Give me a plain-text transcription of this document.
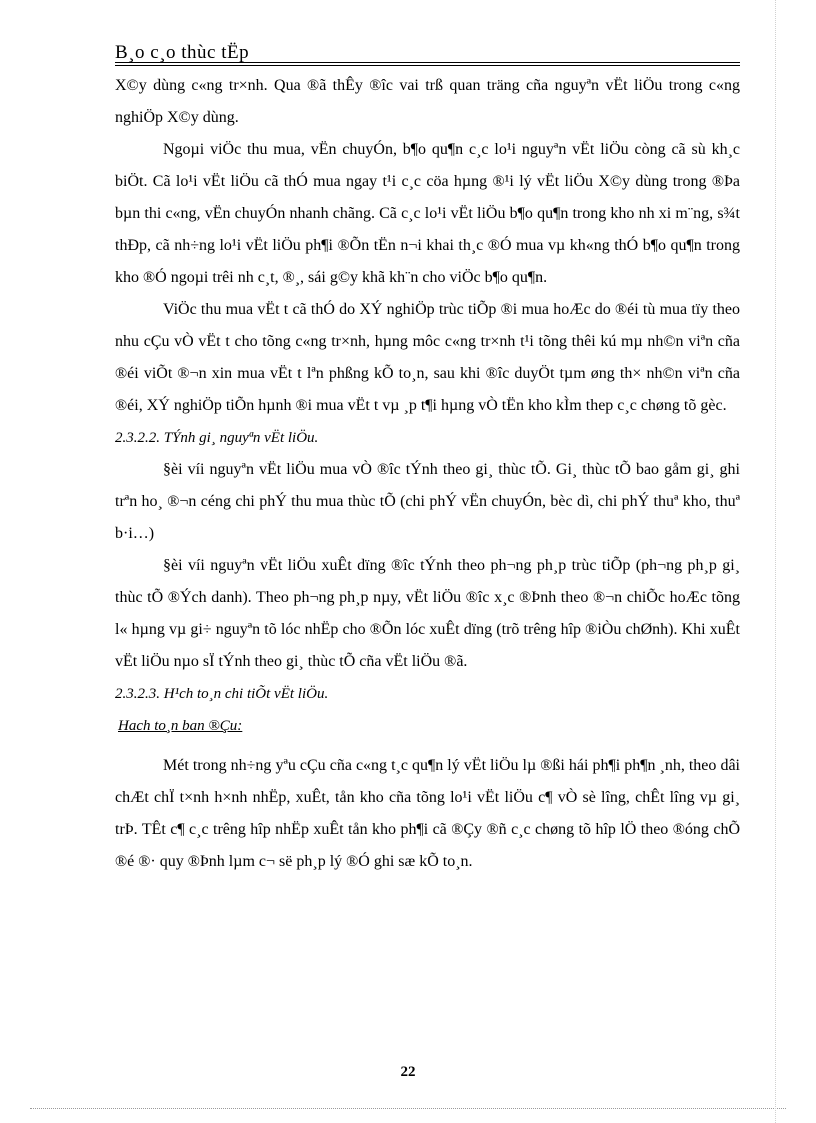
B¸o c¸o thùc tËp

X©y dùng c«ng tr×nh. Qua ®ã thÊy ®îc vai trß quan träng cña nguyªn vËt liÖu trong c«ng nghiÖp X©y dùng.

Ngoµi viÖc thu mua, vËn chuyÓn, b¶o qu¶n c¸c lo¹i nguyªn vËt liÖu còng cã sù kh¸c biÖt. Cã lo¹i vËt liÖu cã thÓ mua ngay t¹i c¸c cöa hµng ®¹i lý vËt liÖu X©y dùng trong ®Þa bµn thi c«ng, vËn chuyÓn nhanh chãng. Cã c¸c lo¹i vËt liÖu b¶o qu¶n trong kho nh xi m¨ng, s¾t thÐp, cã nh÷ng lo¹i vËt liÖu ph¶i ®Õn tËn n¬i khai th¸c ®Ó mua vµ kh«ng thÓ b¶o qu¶n trong kho ®Ó ngoµi trêi nh c¸t, ®¸, sái g©y khã kh¨n cho viÖc b¶o qu¶n.

ViÖc thu mua vËt t cã thÓ do XÝ nghiÖp trùc tiÕp ®i mua hoÆc do ®éi tù mua tïy theo nhu cÇu vÒ vËt t cho tõng c«ng tr×nh, hµng môc c«ng tr×nh t¹i tõng thêi kú mµ nh©n viªn cña ®éi viÕt ®¬n xin mua vËt t lªn phßng kÕ to¸n, sau khi ®îc duyÖt tµm øng th× nh©n viªn cña ®éi, XÝ nghiÖp tiÕn hµnh ®i mua vËt t vµ ¸p t¶i hµng vÒ tËn kho kÌm thep c¸c chøng tõ gèc.

2.3.2.2. TÝnh gi¸ nguyªn vËt liÖu.

§èi víi nguyªn vËt liÖu mua vÒ ®îc tÝnh theo gi¸ thùc tÕ. Gi¸ thùc tÕ bao gåm gi¸ ghi trªn ho¸ ®¬n céng chi phÝ thu mua thùc tÕ (chi phÝ vËn chuyÓn, bèc dì, chi phÝ thuª kho, thuª b·i…)

§èi víi nguyªn vËt liÖu xuÊt dïng ®îc tÝnh theo ph¬ng ph¸p trùc tiÕp (ph¬ng ph¸p gi¸ thùc tÕ ®Ých danh). Theo ph¬ng ph¸p nµy, vËt liÖu ®îc x¸c ®Þnh theo ®¬n chiÕc hoÆc tõng l« hµng vµ gi÷ nguyªn tõ lóc nhËp cho ®Õn lóc xuÊt dïng (trõ trêng hîp ®iÒu chØnh). Khi xuÊt vËt liÖu nµo sÏ tÝnh theo gi¸ thùc tÕ cña vËt liÖu ®ã.

2.3.2.3. H¹ch to¸n chi tiÕt vËt liÖu.
Hach to¸n ban ®Çu:

Mét trong nh÷ng yªu cÇu cña c«ng t¸c qu¶n lý vËt liÖu lµ ®ßi hái ph¶i ph¶n ¸nh, theo dâi chÆt chÏ t×nh h×nh nhËp, xuÊt, tån kho cña tõng lo¹i vËt liÖu c¶ vÒ sè lîng, chÊt lîng vµ gi¸ trÞ. TÊt c¶ c¸c trêng hîp nhËp xuÊt tån kho ph¶i cã ®Çy ®ñ c¸c chøng tõ hîp lÖ theo ®óng chÕ ®é ®· quy ®Þnh lµm c¬ së ph¸p lý ®Ó ghi sæ kÕ to¸n.

22
